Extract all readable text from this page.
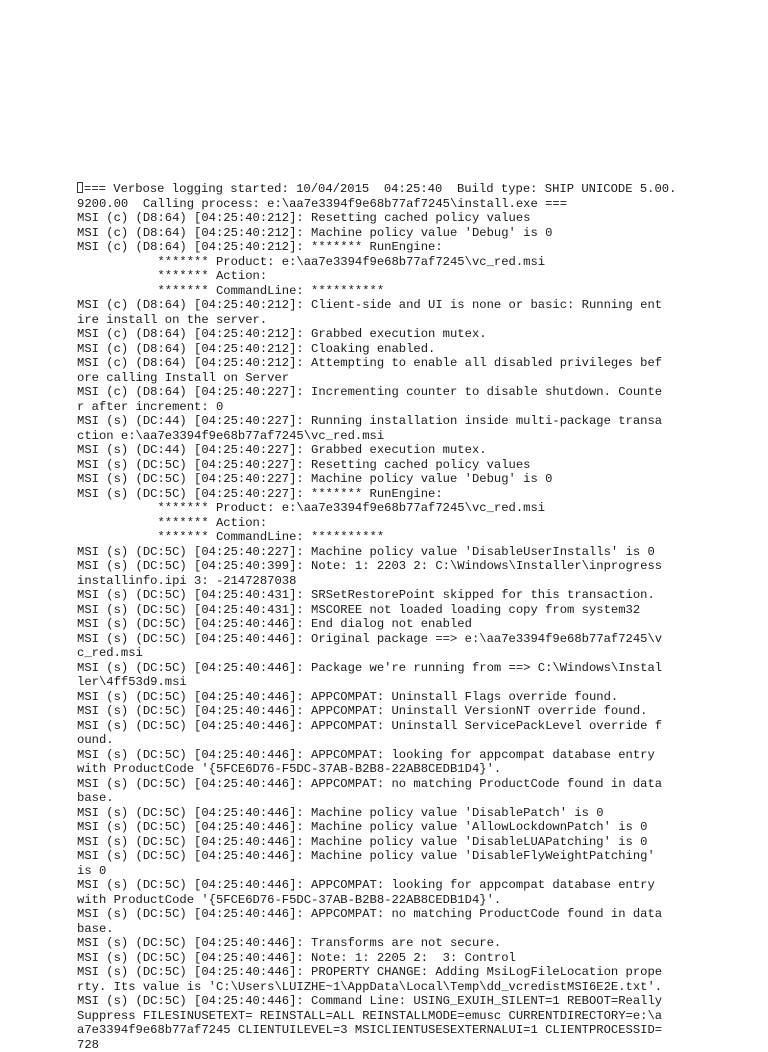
=== Verbose logging started: 10/04/2015  04:25:40  Build type: SHIP UNICODE 5.00.
9200.00  Calling process: e:\aa7e3394f9e68b77af7245\install.exe ===
MSI (c) (D8:64) [04:25:40:212]: Resetting cached policy values
MSI (c) (D8:64) [04:25:40:212]: Machine policy value 'Debug' is 0
MSI (c) (D8:64) [04:25:40:212]: ******* RunEngine:
******* Product: e:\aa7e3394f9e68b77af7245\vc_red.msi
******* Action:
******* CommandLine: **********
MSI (c) (D8:64) [04:25:40:212]: Client-side and UI is none or basic: Running ent
ire install on the server.
MSI (c) (D8:64) [04:25:40:212]: Grabbed execution mutex.
MSI (c) (D8:64) [04:25:40:212]: Cloaking enabled.
MSI (c) (D8:64) [04:25:40:212]: Attempting to enable all disabled privileges bef
ore calling Install on Server
MSI (c) (D8:64) [04:25:40:227]: Incrementing counter to disable shutdown. Counte
r after increment: 0
MSI (s) (DC:44) [04:25:40:227]: Running installation inside multi-package transa
ction e:\aa7e3394f9e68b77af7245\vc_red.msi
MSI (s) (DC:44) [04:25:40:227]: Grabbed execution mutex.
MSI (s) (DC:5C) [04:25:40:227]: Resetting cached policy values
MSI (s) (DC:5C) [04:25:40:227]: Machine policy value 'Debug' is 0
MSI (s) (DC:5C) [04:25:40:227]: ******* RunEngine:
******* Product: e:\aa7e3394f9e68b77af7245\vc_red.msi
******* Action:
******* CommandLine: **********
MSI (s) (DC:5C) [04:25:40:227]: Machine policy value 'DisableUserInstalls' is 0
MSI (s) (DC:5C) [04:25:40:399]: Note: 1: 2203 2: C:\Windows\Installer\inprogress
installinfo.ipi 3: -2147287038
MSI (s) (DC:5C) [04:25:40:431]: SRSetRestorePoint skipped for this transaction.
MSI (s) (DC:5C) [04:25:40:431]: MSCOREE not loaded loading copy from system32
MSI (s) (DC:5C) [04:25:40:446]: End dialog not enabled
MSI (s) (DC:5C) [04:25:40:446]: Original package ==> e:\aa7e3394f9e68b77af7245\v
c_red.msi
MSI (s) (DC:5C) [04:25:40:446]: Package we're running from ==> C:\Windows\Instal
ler\4ff53d9.msi
MSI (s) (DC:5C) [04:25:40:446]: APPCOMPAT: Uninstall Flags override found.
MSI (s) (DC:5C) [04:25:40:446]: APPCOMPAT: Uninstall VersionNT override found.
MSI (s) (DC:5C) [04:25:40:446]: APPCOMPAT: Uninstall ServicePackLevel override f
ound.
MSI (s) (DC:5C) [04:25:40:446]: APPCOMPAT: looking for appcompat database entry
with ProductCode '{5FCE6D76-F5DC-37AB-B2B8-22AB8CEDB1D4}'.
MSI (s) (DC:5C) [04:25:40:446]: APPCOMPAT: no matching ProductCode found in data
base.
MSI (s) (DC:5C) [04:25:40:446]: Machine policy value 'DisablePatch' is 0
MSI (s) (DC:5C) [04:25:40:446]: Machine policy value 'AllowLockdownPatch' is 0
MSI (s) (DC:5C) [04:25:40:446]: Machine policy value 'DisableLUAPatching' is 0
MSI (s) (DC:5C) [04:25:40:446]: Machine policy value 'DisableFlyWeightPatching'
is 0
MSI (s) (DC:5C) [04:25:40:446]: APPCOMPAT: looking for appcompat database entry
with ProductCode '{5FCE6D76-F5DC-37AB-B2B8-22AB8CEDB1D4}'.
MSI (s) (DC:5C) [04:25:40:446]: APPCOMPAT: no matching ProductCode found in data
base.
MSI (s) (DC:5C) [04:25:40:446]: Transforms are not secure.
MSI (s) (DC:5C) [04:25:40:446]: Note: 1: 2205 2:  3: Control
MSI (s) (DC:5C) [04:25:40:446]: PROPERTY CHANGE: Adding MsiLogFileLocation prope
rty. Its value is 'C:\Users\LUIZHE~1\AppData\Local\Temp\dd_vcredistMSI6E2E.txt'.
MSI (s) (DC:5C) [04:25:40:446]: Command Line: USING_EXUIH_SILENT=1 REBOOT=Really
Suppress FILESINUSETEXT= REINSTALL=ALL REINSTALLMODE=emusc CURRENTDIRECTORY=e:\a
a7e3394f9e68b77af7245 CLIENTUILEVEL=3 MSICLIENTUSESEXTERNALUI=1 CLIENTPROCESSID=
728
